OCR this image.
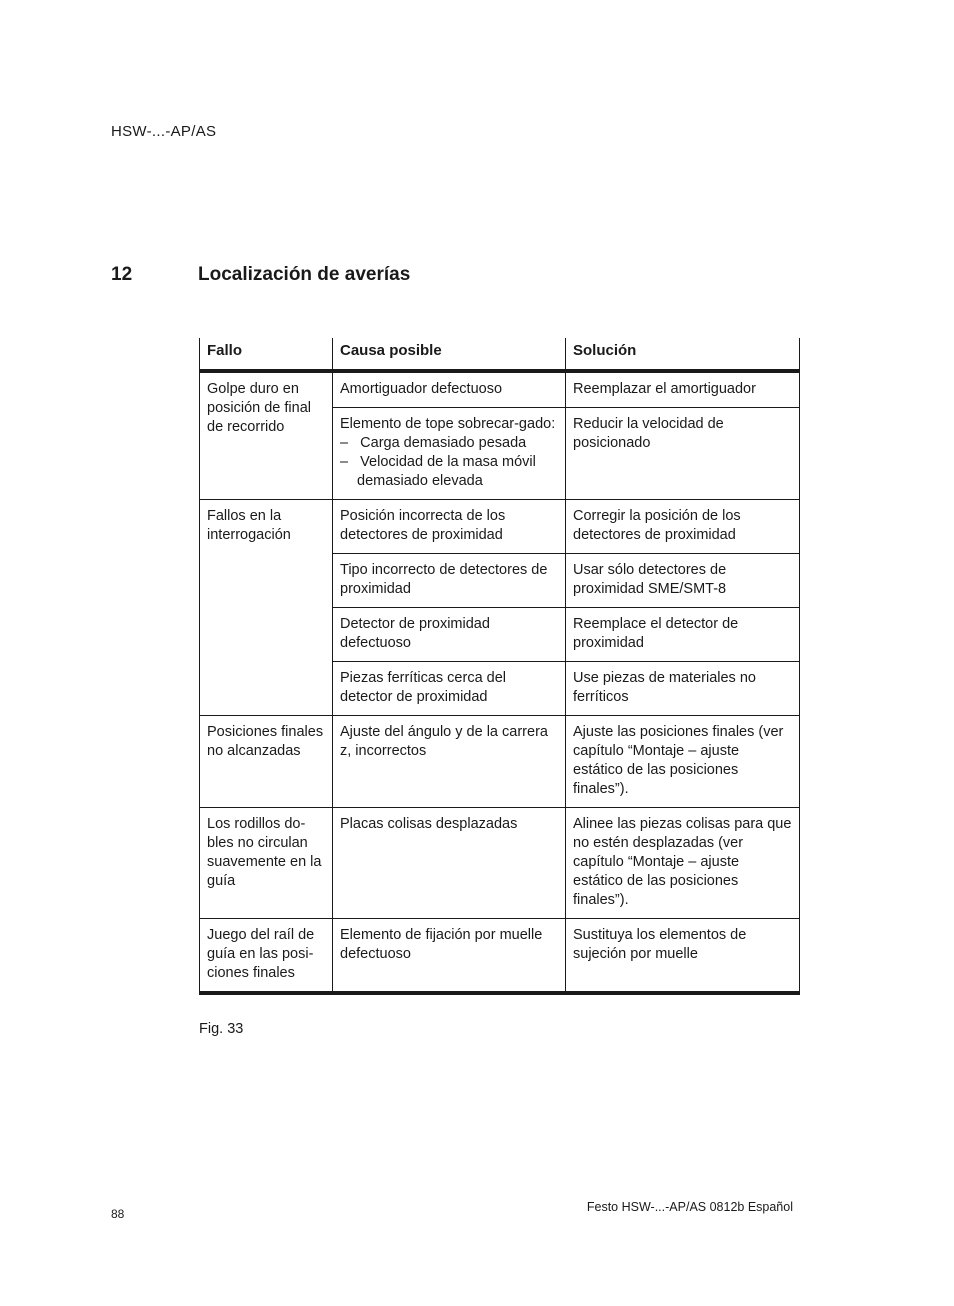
HSW-...-AP/AS
12	Localización de averías
Fallo	Causa posible	Solución
Golpe duro en posición de final de recorrido	Amortiguador defectuoso	Reemplazar el amortiguador
	Elemento de tope sobrecar-gado:
–   Carga demasiado pesada
–   Velocidad de la masa móvil demasiado elevada	Reducir la velocidad de posicionado
Fallos en la interrogación	Posición incorrecta de los detectores de proximidad	Corregir la posición de los detectores de proximidad
	Tipo incorrecto de detectores de proximidad	Usar sólo detectores de proximidad SME/SMT-8
	Detector de proximidad defectuoso	Reemplace el detector de proximidad
	Piezas ferríticas cerca del detector de proximidad	Use piezas de materiales no ferríticos
Posiciones finales no alcanzadas	Ajuste del ángulo y de la carrera z, incorrectos	Ajuste las posiciones finales (ver capítulo “Montaje – ajuste estático de las posiciones finales”).
Los rodillos do-bles no circulan suavemente en la guía	Placas colisas desplazadas	Alinee las piezas colisas para que no estén desplazadas (ver capítulo “Montaje – ajuste estático de las posiciones finales”).
Juego del raíl de guía en las posi-ciones finales	Elemento de fijación por muelle defectuoso	Sustituya los elementos de sujeción por muelle
Fig. 33
88	Festo HSW-...-AP/AS 0812b Español
